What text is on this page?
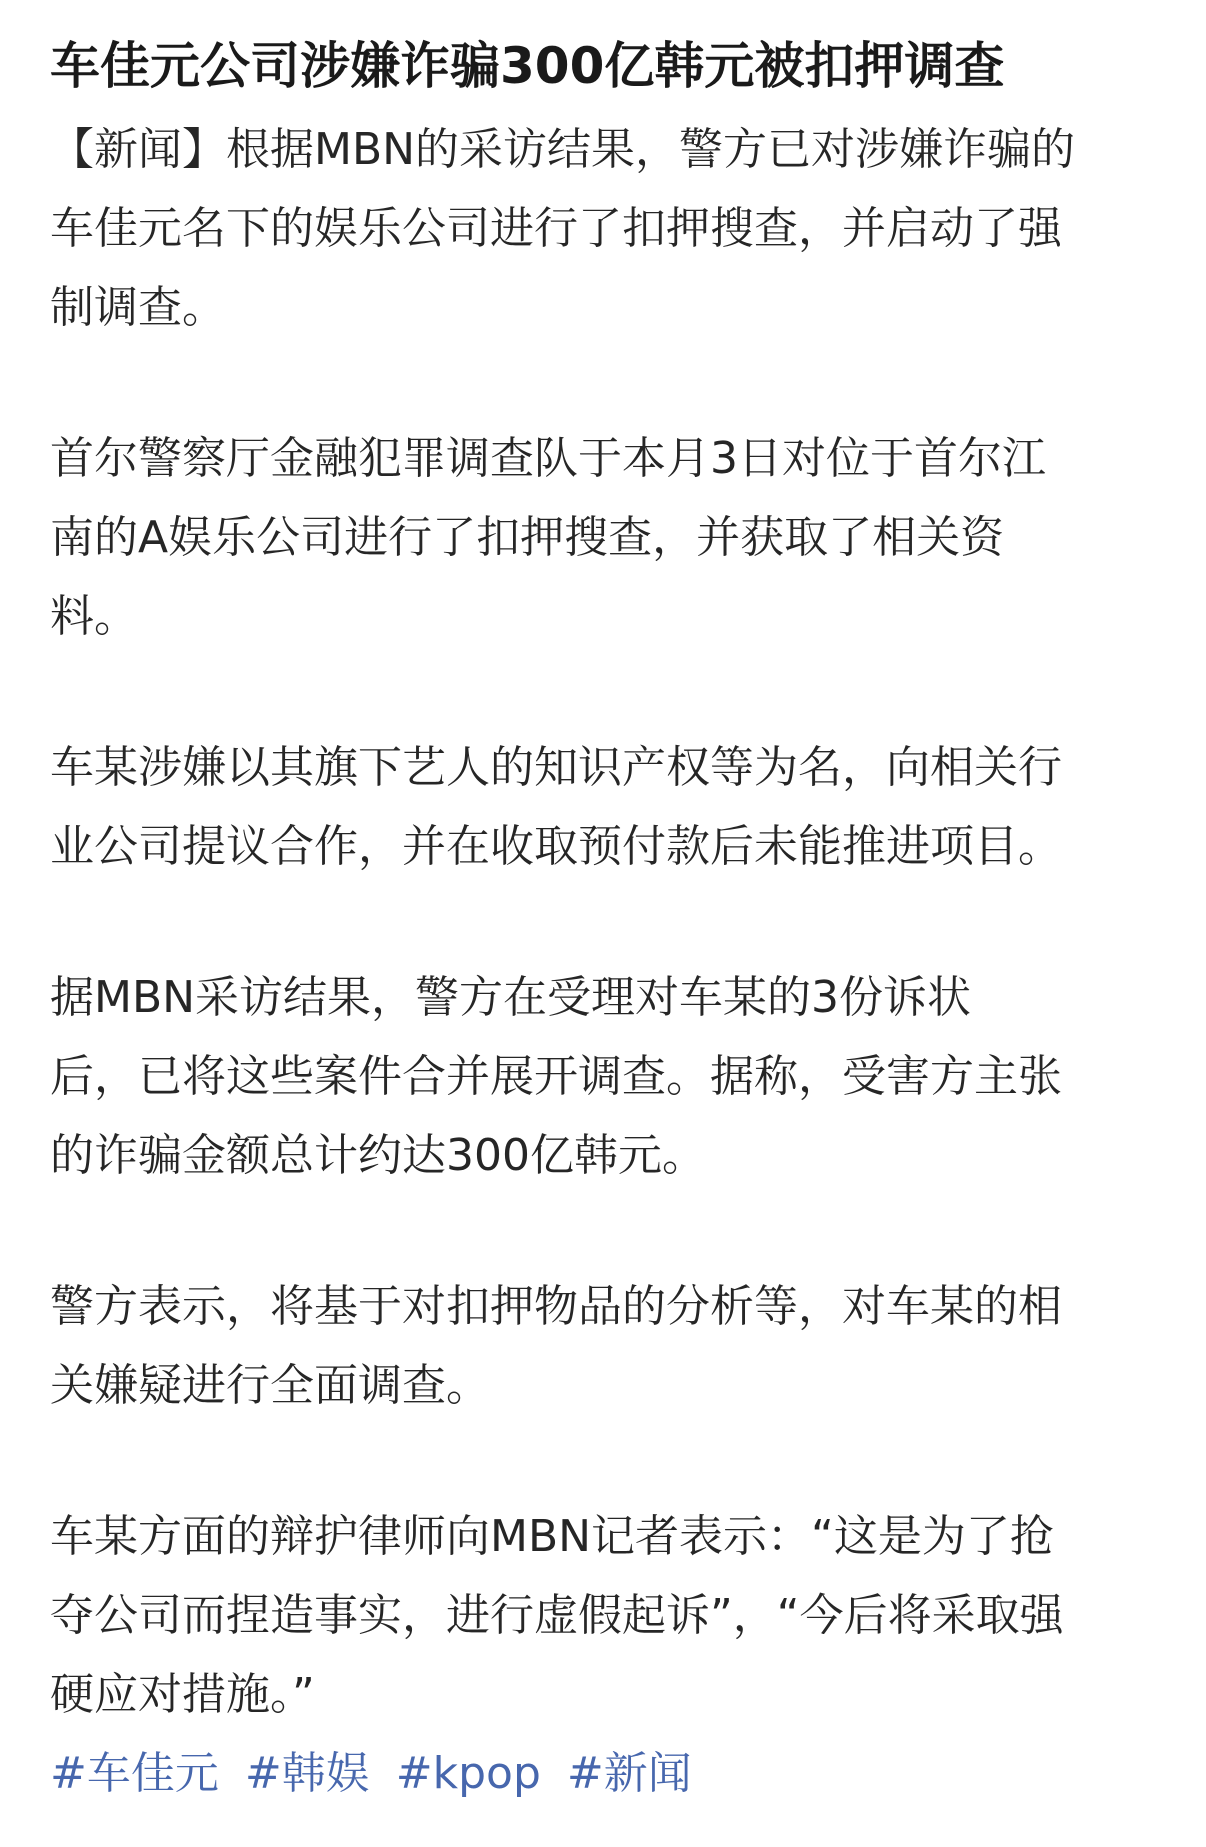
车佳元公司涉嫌诈骗300亿韩元被扣押调查

【新闻】根据MBN的采访结果，警方已对涉嫌诈骗的
车佳元名下的娱乐公司进行了扣押搜查，并启动了强
制调查。

首尔警察厅金融犯罪调查队于本月3日对位于首尔江
南的A娱乐公司进行了扣押搜查，并获取了相关资
料。

车某涉嫌以其旗下艺人的知识产权等为名，向相关行
业公司提议合作，并在收取预付款后未能推进项目。

据MBN采访结果，警方在受理对车某的3份诉状
后，已将这些案件合并展开调查。据称，受害方主张
的诈骗金额总计约达300亿韩元。

警方表示，将基于对扣押物品的分析等，对车某的相
关嫌疑进行全面调查。

车某方面的辩护律师向MBN记者表示：“这是为了抢
夺公司而捏造事实，进行虚假起诉”，“今后将采取强
硬应对措施。”

#车佳元 #韩娱 #kpop #新闻
